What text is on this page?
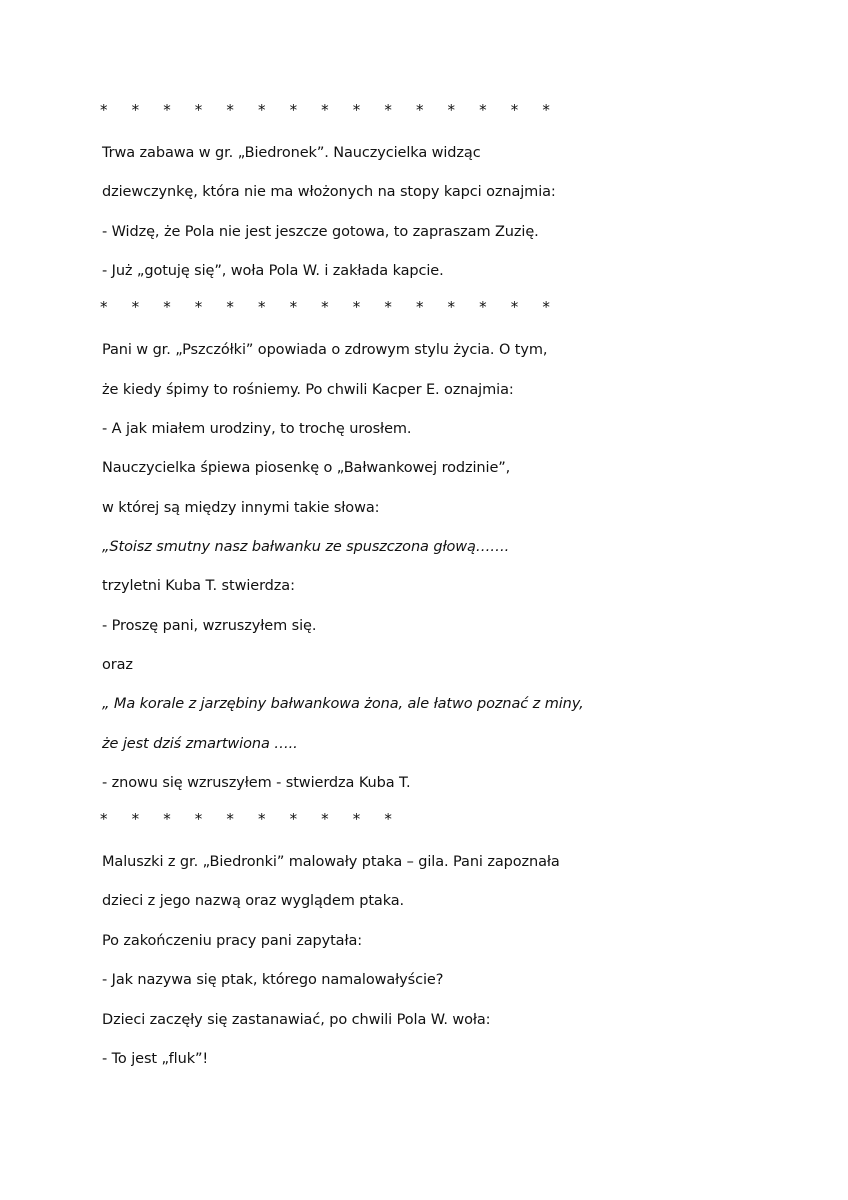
* * * * * * * * * * * * * * *
Trwa zabawa w gr. „Biedronek”. Nauczycielka widząc
dziewczynkę, która nie ma włożonych na stopy kapci oznajmia:
- Widzę, że Pola nie jest jeszcze gotowa, to zapraszam Zuzię.
- Już „gotuję się”, woła Pola W. i zakłada kapcie.
* * * * * * * * * * * * * * *
Pani w gr. „Pszczółki” opowiada o zdrowym stylu życia. O tym,
że kiedy śpimy to rośniemy. Po chwili Kacper E. oznajmia:
- A jak miałem urodziny, to trochę urosłem.
Nauczycielka śpiewa piosenkę o „Bałwankowej rodzinie”,
w której są między innymi takie słowa:
„Stoisz smutny nasz bałwanku ze spuszczona głową…….
trzyletni Kuba T. stwierdza:
- Proszę pani, wzruszyłem się.
oraz
„ Ma korale z jarzębiny bałwankowa żona, ale łatwo poznać z miny,
że jest dziś zmartwiona …..
- znowu się wzruszyłem - stwierdza Kuba T.
* * * * * * * * * *
Maluszki z gr. „Biedronki” malowały ptaka – gila. Pani zapoznała
dzieci z jego nazwą oraz wyglądem ptaka.
Po zakończeniu pracy pani zapytała:
- Jak nazywa się ptak, którego namalowałyście?
Dzieci zaczęły się zastanawiać, po chwili Pola W. woła:
- To jest „fluk”!
